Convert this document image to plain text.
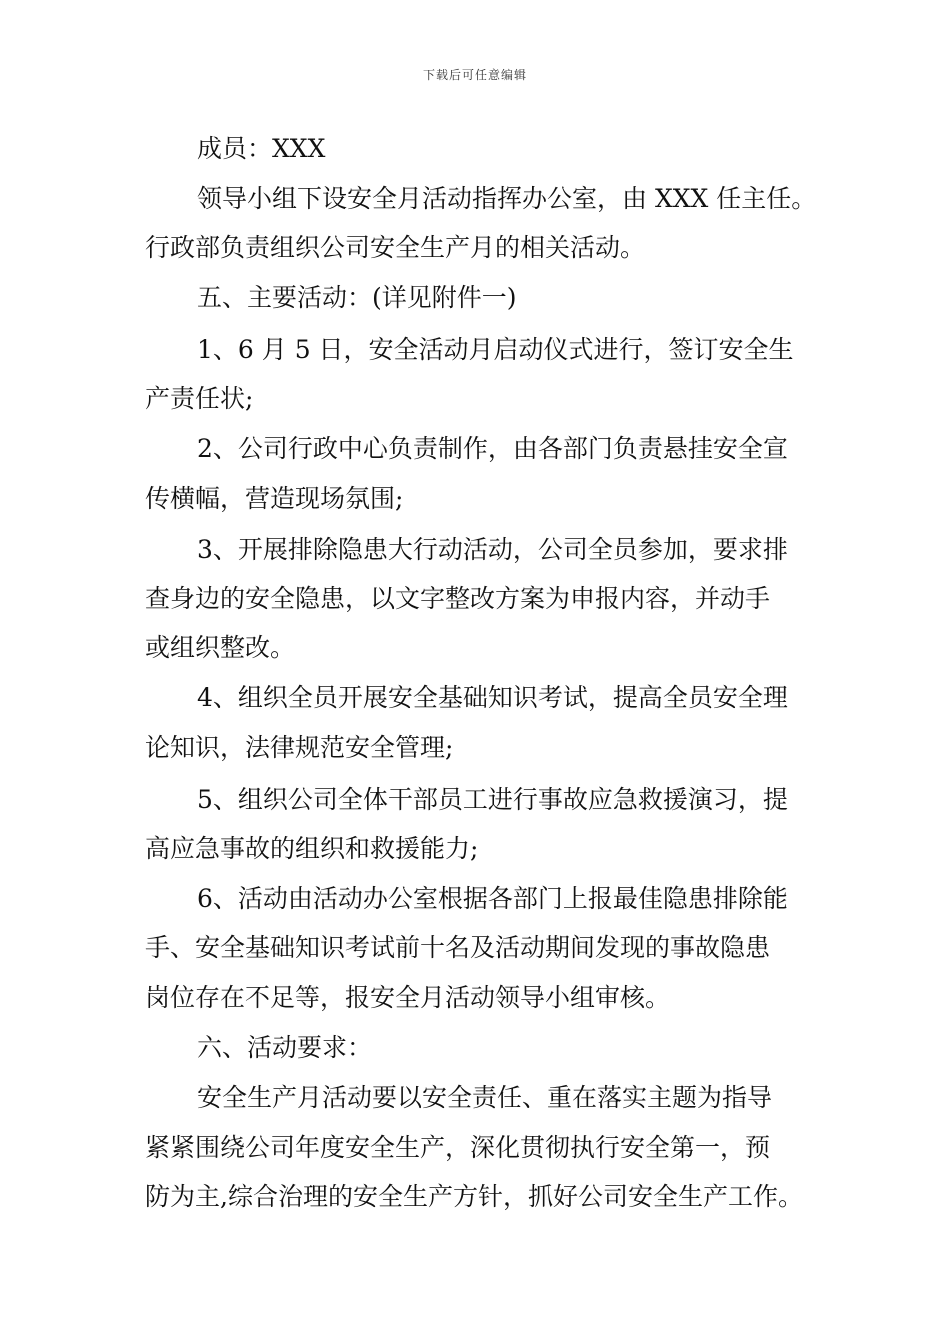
下载后可任意编辑
成员：XXX
领导小组下设安全月活动指挥办公室，由 XXX 任主任。
行政部负责组织公司安全生产月的相关活动。
五、主要活动：(详见附件一)
1、6 月 5 日，安全活动月启动仪式进行，签订安全生
产责任状;
2、公司行政中心负责制作，由各部门负责悬挂安全宣
传横幅，营造现场氛围;
3、开展排除隐患大行动活动，公司全员参加，要求排
查身边的安全隐患，以文字整改方案为申报内容，并动手
或组织整改。
4、组织全员开展安全基础知识考试，提高全员安全理
论知识，法律规范安全管理;
5、组织公司全体干部员工进行事故应急救援演习，提
高应急事故的组织和救援能力;
6、活动由活动办公室根据各部门上报最佳隐患排除能
手、安全基础知识考试前十名及活动期间发现的事故隐患
岗位存在不足等，报安全月活动领导小组审核。
六、活动要求：
安全生产月活动要以安全责任、重在落实主题为指导
紧紧围绕公司年度安全生产，深化贯彻执行安全第一，预
防为主,综合治理的安全生产方针，抓好公司安全生产工作。
